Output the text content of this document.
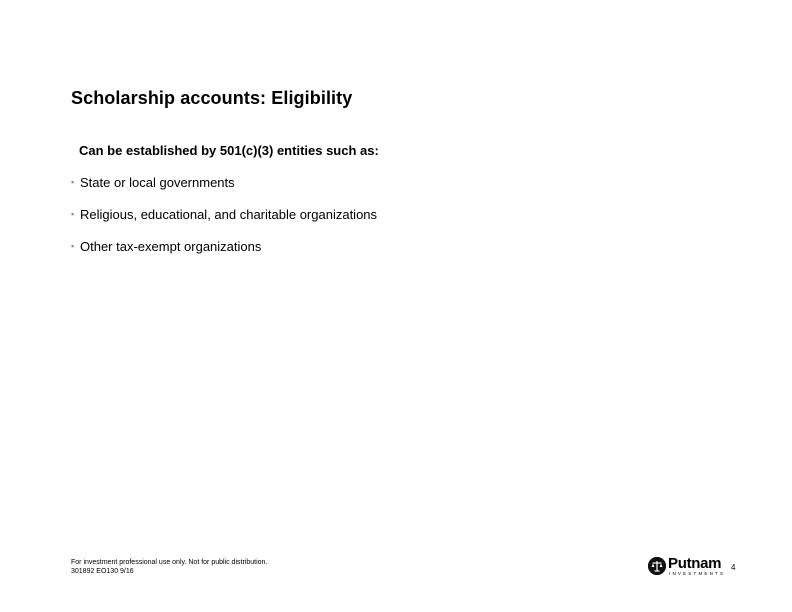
Scholarship accounts: Eligibility
Can be established by 501(c)(3) entities such as:
▪ State or local governments
▪ Religious, educational, and charitable organizations
▪ Other tax-exempt organizations
For investment professional use only. Not for public distribution.
301892 EO130 9/16	Putnam
INVESTMENTS
4
